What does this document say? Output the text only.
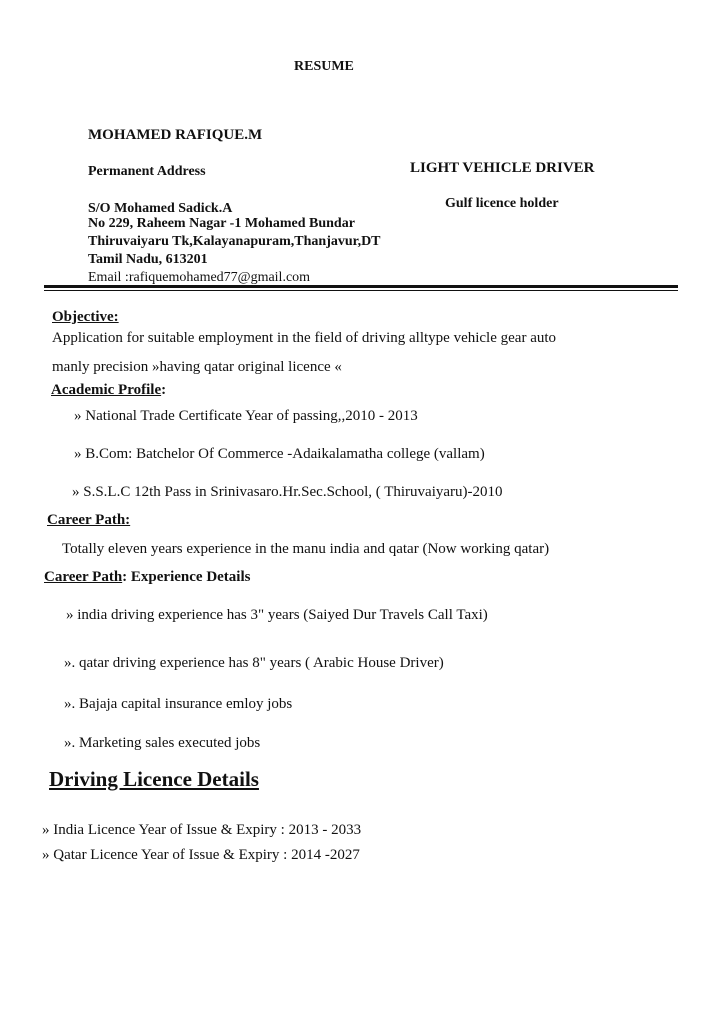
RESUME
MOHAMED RAFIQUE.M
Permanent Address	LIGHT VEHICLE DRIVER
Gulf licence holder
S/O Mohamed Sadick.A
No 229, Raheem Nagar -1 Mohamed Bundar
Thiruvaiyaru Tk,Kalayanapuram,Thanjavur,DT
Tamil Nadu, 613201
Email :rafiquemohamed77@gmail.com
Objective:
Application for suitable employment in the field of driving alltype vehicle gear auto
manly precision »having qatar original licence «
Academic Profile:
» National Trade Certificate Year of passing,,2010 - 2013
» B.Com: Batchelor Of Commerce -Adaikalamatha college (vallam)
» S.S.L.C 12th Pass in Srinivasaro.Hr.Sec.School, ( Thiruvaiyaru)-2010
Career Path:
Totally eleven years experience in the manu india and qatar (Now working qatar)
Career Path: Experience Details
» india driving experience has 3" years (Saiyed Dur Travels Call Taxi)
». qatar driving experience has 8" years ( Arabic House Driver)
». Bajaja capital insurance emloy jobs
». Marketing sales executed jobs
Driving Licence Details
» India Licence Year of Issue & Expiry : 2013 - 2033
» Qatar Licence Year of Issue & Expiry : 2014 -2027
